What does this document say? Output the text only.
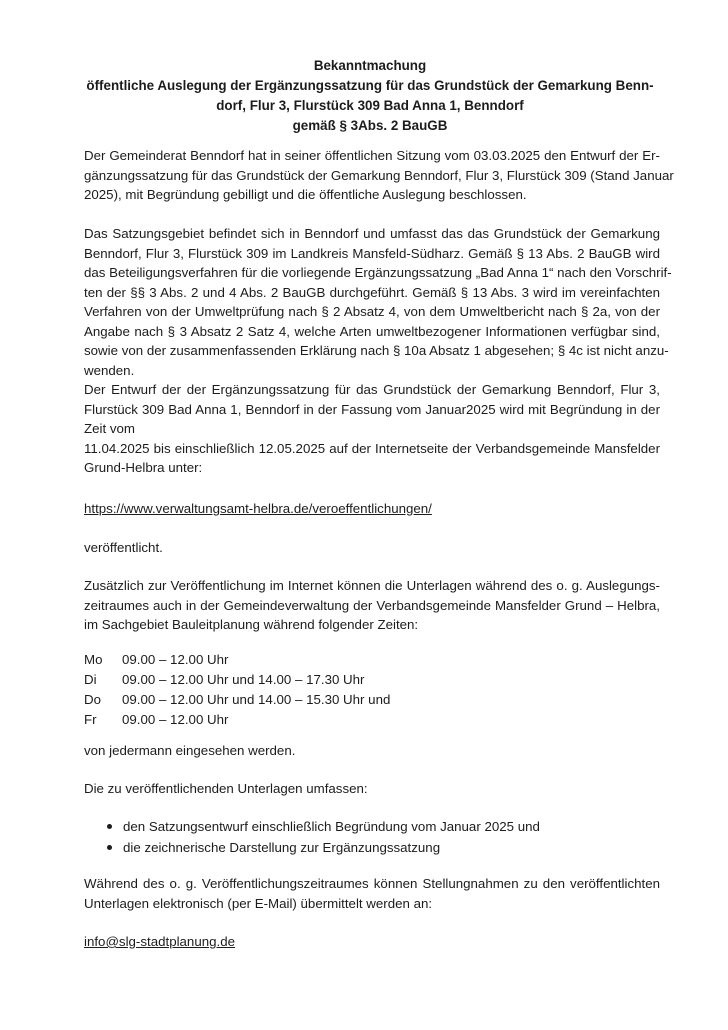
Bekanntmachung
öffentliche Auslegung der Ergänzungssatzung für das Grundstück der Gemarkung Benn-
dorf, Flur 3, Flurstück 309 Bad Anna 1, Benndorf
gemäß § 3Abs. 2 BauGB
Der Gemeinderat Benndorf hat in seiner öffentlichen Sitzung vom 03.03.2025 den Entwurf der Er-
gänzungssatzung für das Grundstück der Gemarkung Benndorf, Flur 3, Flurstück 309 (Stand Januar
2025), mit Begründung gebilligt und die öffentliche Auslegung beschlossen.
Das Satzungsgebiet befindet sich in Benndorf und umfasst das das Grundstück der Gemarkung
Benndorf, Flur 3, Flurstück 309 im Landkreis Mansfeld-Südharz. Gemäß § 13 Abs. 2 BauGB wird
das Beteiligungsverfahren für die vorliegende Ergänzungssatzung „Bad Anna 1“ nach den Vorschrif-
ten der §§ 3 Abs. 2 und 4 Abs. 2 BauGB durchgeführt. Gemäß § 13 Abs. 3 wird im vereinfachten
Verfahren von der Umweltprüfung nach § 2 Absatz 4, von dem Umweltbericht nach § 2a, von der
Angabe nach § 3 Absatz 2 Satz 4, welche Arten umweltbezogener Informationen verfügbar sind,
sowie von der zusammenfassenden Erklärung nach § 10a Absatz 1 abgesehen; § 4c ist nicht anzu-
wenden.
Der Entwurf der der Ergänzungssatzung für das Grundstück der Gemarkung Benndorf, Flur 3,
Flurstück 309 Bad Anna 1, Benndorf in der Fassung vom Januar2025 wird mit Begründung in der
Zeit vom
11.04.2025 bis einschließlich 12.05.2025 auf der Internetseite der Verbandsgemeinde Mansfelder
Grund-Helbra unter:
https://www.verwaltungsamt-helbra.de/veroeffentlichungen/
veröffentlicht.
Zusätzlich zur Veröffentlichung im Internet können die Unterlagen während des o. g. Auslegungs-
zeitraumes auch in der Gemeindeverwaltung der Verbandsgemeinde Mansfelder Grund – Helbra,
im Sachgebiet Bauleitplanung während folgender Zeiten:
Mo	09.00 – 12.00 Uhr
Di	09.00 – 12.00 Uhr und 14.00 – 17.30 Uhr
Do	09.00 – 12.00 Uhr und 14.00 – 15.30 Uhr und
Fr	09.00 – 12.00 Uhr
von jedermann eingesehen werden.
Die zu veröffentlichenden Unterlagen umfassen:
den Satzungsentwurf einschließlich Begründung vom Januar 2025 und
die zeichnerische Darstellung zur Ergänzungssatzung
Während des o. g. Veröffentlichungszeitraumes können Stellungnahmen zu den veröffentlichten
Unterlagen elektronisch (per E-Mail) übermittelt werden an:
info@slg-stadtplanung.de
